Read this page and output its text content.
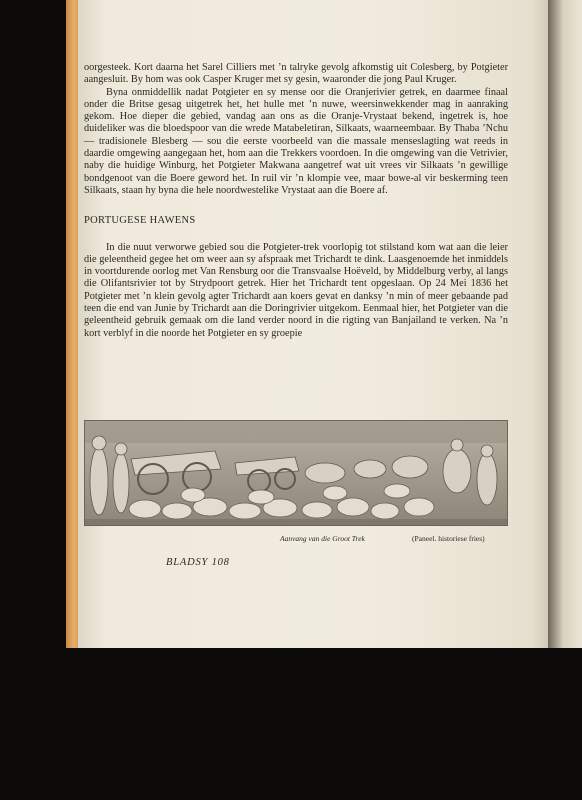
oorgesteek. Kort daarna het Sarel Cilliers met ’n talryke gevolg afkomstig uit Colesberg, by Potgieter aangesluit. By hom was ook Casper Kruger met sy gesin, waaronder die jong Paul Kruger.

Byna onmiddellik nadat Potgieter en sy mense oor die Oranjerivier getrek, en daarmee finaal onder die Britse gesag uitgetrek het, het hulle met ’n nuwe, weersinwekkender mag in aanraking gekom. Hoe dieper die gebied, vandag aan ons as die Oranje-Vrystaat bekend, ingetrek is, hoe duideliker was die bloedspoor van die wrede Matabeletiran, Silkaats, waarneembaar. By Thaba ’Nchu — tradisionele Blesberg — sou die eerste voorbeeld van die massale menseslagting wat reeds in daardie omgewing aangegaan het, hom aan die Trekkers voordoen. In die omgewing van die Vetrivier, naby die huidige Winburg, het Potgieter Makwana aangetref wat uit vrees vir Silkaats ’n gewillige bondgenoot van die Boere geword het. In ruil vir ’n klompie vee, maar bowe-al vir beskerming teen Silkaats, staan hy byna die hele noordwestelike Vrystaat aan die Boere af.

PORTUGESE HAWENS

In die nuut verworwe gebied sou die Potgieter-trek voorlopig tot stilstand kom wat aan die leier die geleentheid gegee het om weer aan sy afspraak met Trichardt te dink. Laasgenoemde het inmiddels in voortdurende oorlog met Van Rensburg oor die Transvaalse Hoëveld, by Middelburg verby, al langs die Olifantsrivier tot by Strydpoort getrek. Hier het Trichardt tent opgeslaan. Op 24 Mei 1836 het Potgieter met ’n klein gevolg agter Trichardt aan koers gevat en danksy ’n min of meer gebaande pad teen die end van Junie by Trichardt aan die Doringrivier uitgekom. Eenmaal hier, het Potgieter van die geleentheid gebruik gemaak om die land verder noord in die rigting van Banjailand te verken. Na ’n kort verblyf in die noorde het Potgieter en sy groepie

Aanvang van die Groot Trek	(Paneel. historiese fries)
BLADSY 108
